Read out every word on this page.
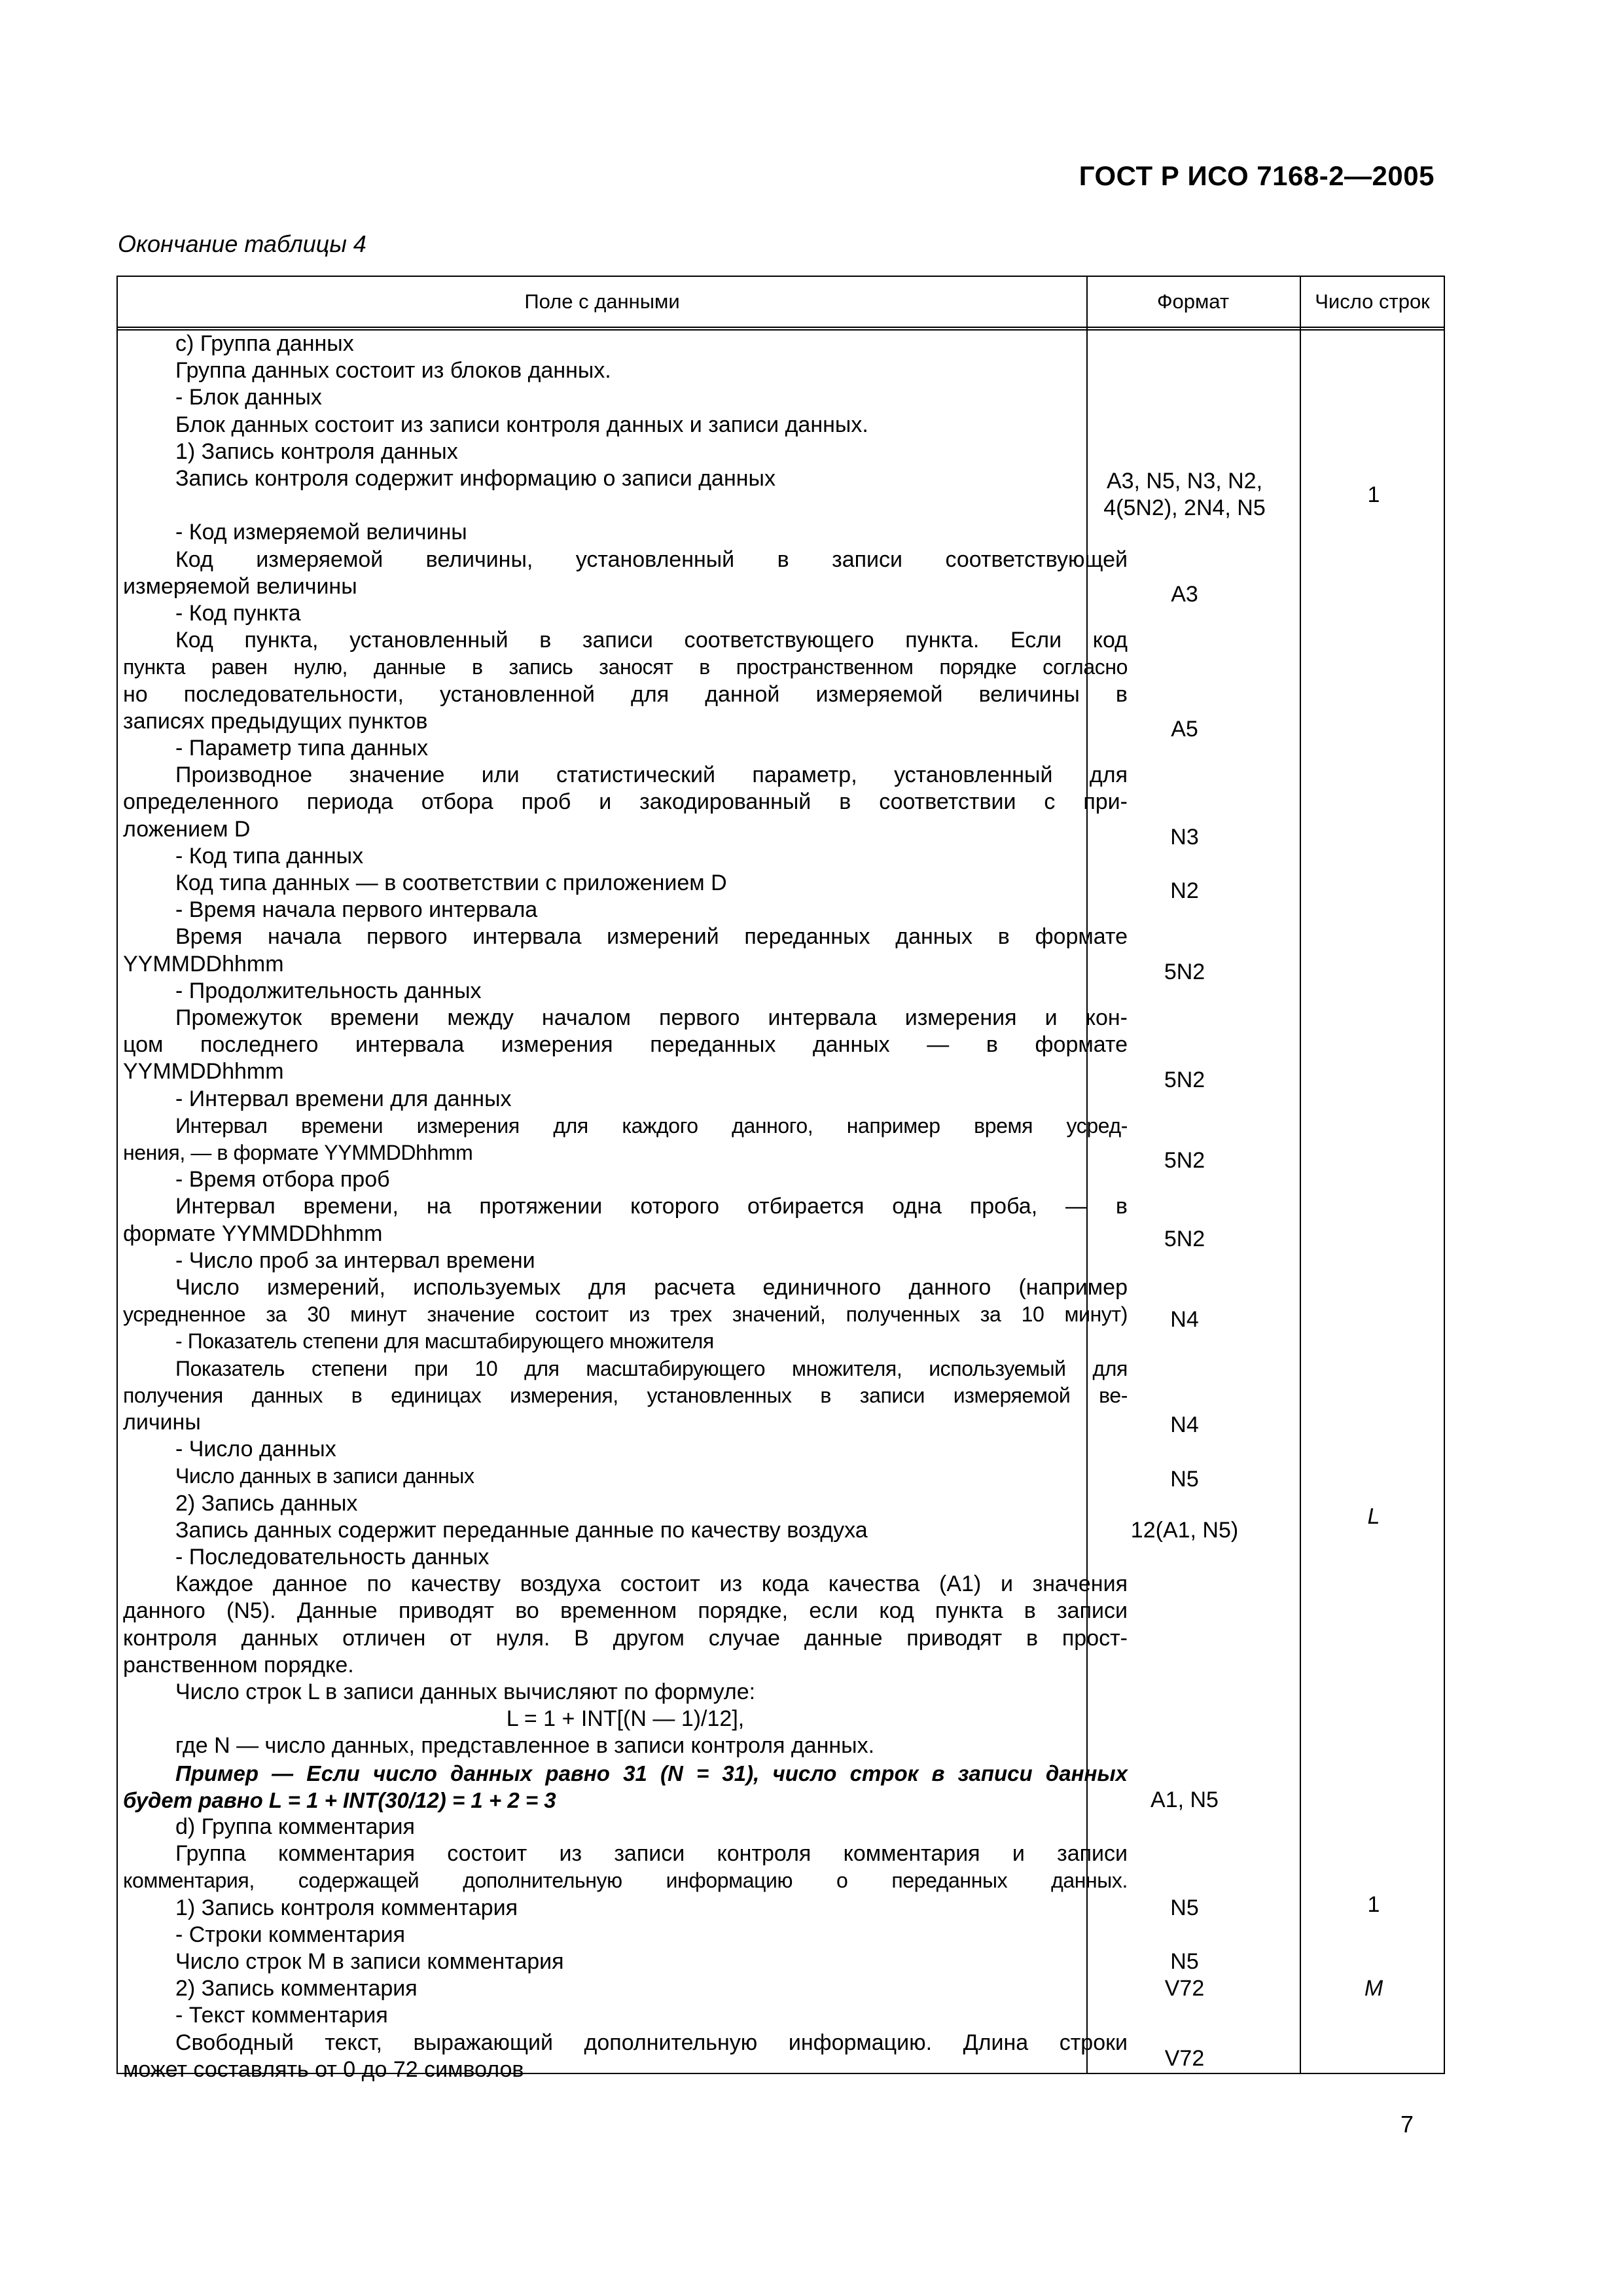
ГОСТ Р ИСО 7168-2—2005
Окончание таблицы 4
Поле с данными	Формат	Число строк
c) Группа данных
Группа данных состоит из блоков данных.
- Блок данных
Блок данных состоит из записи контроля данных и записи данных.
1) Запись контроля данных
Запись контроля содержит информацию о записи данных
- Код измеряемой величины
Код измеряемой величины, установленный в записи соответствующей
измеряемой величины
- Код пункта
Код пункта, установленный в записи соответствующего пункта. Если код
пункта равен нулю, данные в запись заносят в пространственном порядке согласно
но последовательности, установленной для данной измеряемой величины в
записях предыдущих пунктов
- Параметр типа данных
Производное значение или статистический параметр, установленный для
определенного периода отбора проб и закодированный в соответствии с при-
ложением D
- Код типа данных
Код типа данных — в соответствии с приложением D
- Время начала первого интервала
Время начала первого интервала измерений переданных данных в формате
YYMMDDhhmm
- Продолжительность данных
Промежуток времени между началом первого интервала измерения и кон-
цом последнего интервала измерения переданных данных — в формате
YYMMDDhhmm
- Интервал времени для данных
Интервал времени измерения для каждого данного, например время усред-
нения, — в формате YYMMDDhhmm
- Время отбора проб
Интервал времени, на протяжении которого отбирается одна проба, — в
формате YYMMDDhhmm
- Число проб за интервал времени
Число измерений, используемых для расчета единичного данного (например
усредненное за 30 минут значение состоит из трех значений, полученных за 10 минут)
- Показатель степени для масштабирующего множителя
Показатель степени при 10 для масштабирующего множителя, используемый для
получения данных в единицах измерения, установленных в записи измеряемой ве-
личины
- Число данных
Число данных в записи данных
2) Запись данных
Запись данных содержит переданные данные по качеству воздуха
- Последовательность данных
Каждое данное по качеству воздуха состоит из кода качества (A1) и значения
данного (N5). Данные приводят во временном порядке, если код пункта в записи
контроля данных отличен от нуля. В другом случае данные приводят в прост-
ранственном порядке.
Число строк L в записи данных вычисляют по формуле:
L = 1 + INT[(N — 1)/12],
где N — число данных, представленное в записи контроля данных.
Пример — Если число данных равно 31 (N = 31), число строк в записи данных
будет равно L = 1 + INT(30/12) = 1 + 2 = 3
d) Группа комментария
Группа комментария состоит из записи контроля комментария и записи
комментария, содержащей дополнительную информацию о переданных данных.
1) Запись контроля комментария
- Строки комментария
Число строк M в записи комментария
2) Запись комментария
- Текст комментария
Свободный текст, выражающий дополнительную информацию. Длина строки
может составлять от 0 до 72 символов
A3, N5, N3, N2,
4(5N2), 2N4, N5
A3
A5
N3
N2
5N2
5N2
5N2
5N2
N4
N4
N5
12(A1, N5)
A1, N5
N5
N5
V72
V72
1
L
1
M
7
